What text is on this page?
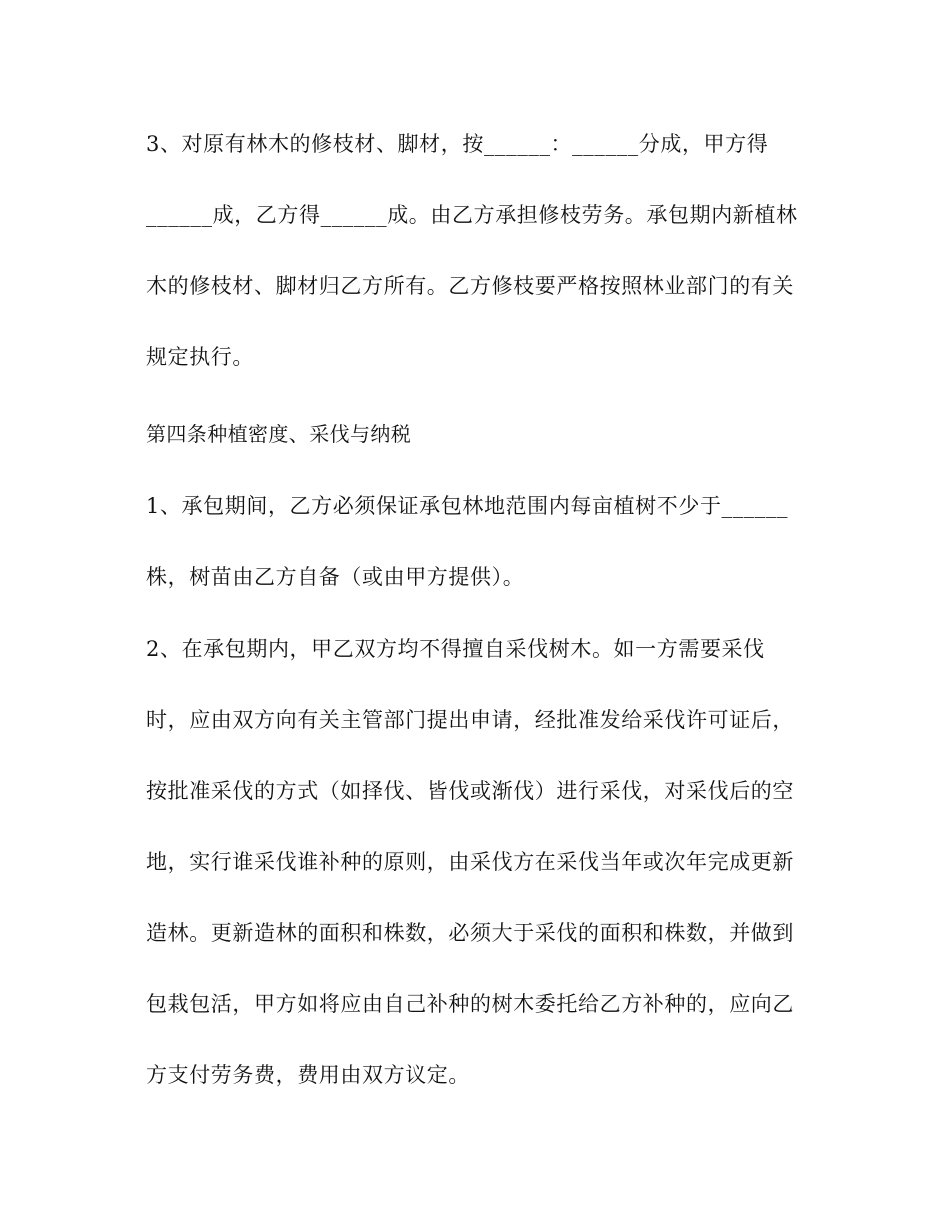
3、对原有林木的修枝材、脚材，按______：______分成，甲方得

______成，乙方得______成。由乙方承担修枝劳务。承包期内新植林

木的修枝材、脚材归乙方所有。乙方修枝要严格按照林业部门的有关

规定执行。

第四条种植密度、采伐与纳税

1、承包期间，乙方必须保证承包林地范围内每亩植树不少于______

株，树苗由乙方自备（或由甲方提供）。

2、在承包期内，甲乙双方均不得擅自采伐树木。如一方需要采伐

时，应由双方向有关主管部门提出申请，经批准发给采伐许可证后，

按批准采伐的方式（如择伐、皆伐或渐伐）进行采伐，对采伐后的空

地，实行谁采伐谁补种的原则，由采伐方在采伐当年或次年完成更新

造林。更新造林的面积和株数，必须大于采伐的面积和株数，并做到

包栽包活，甲方如将应由自己补种的树木委托给乙方补种的，应向乙

方支付劳务费，费用由双方议定。
